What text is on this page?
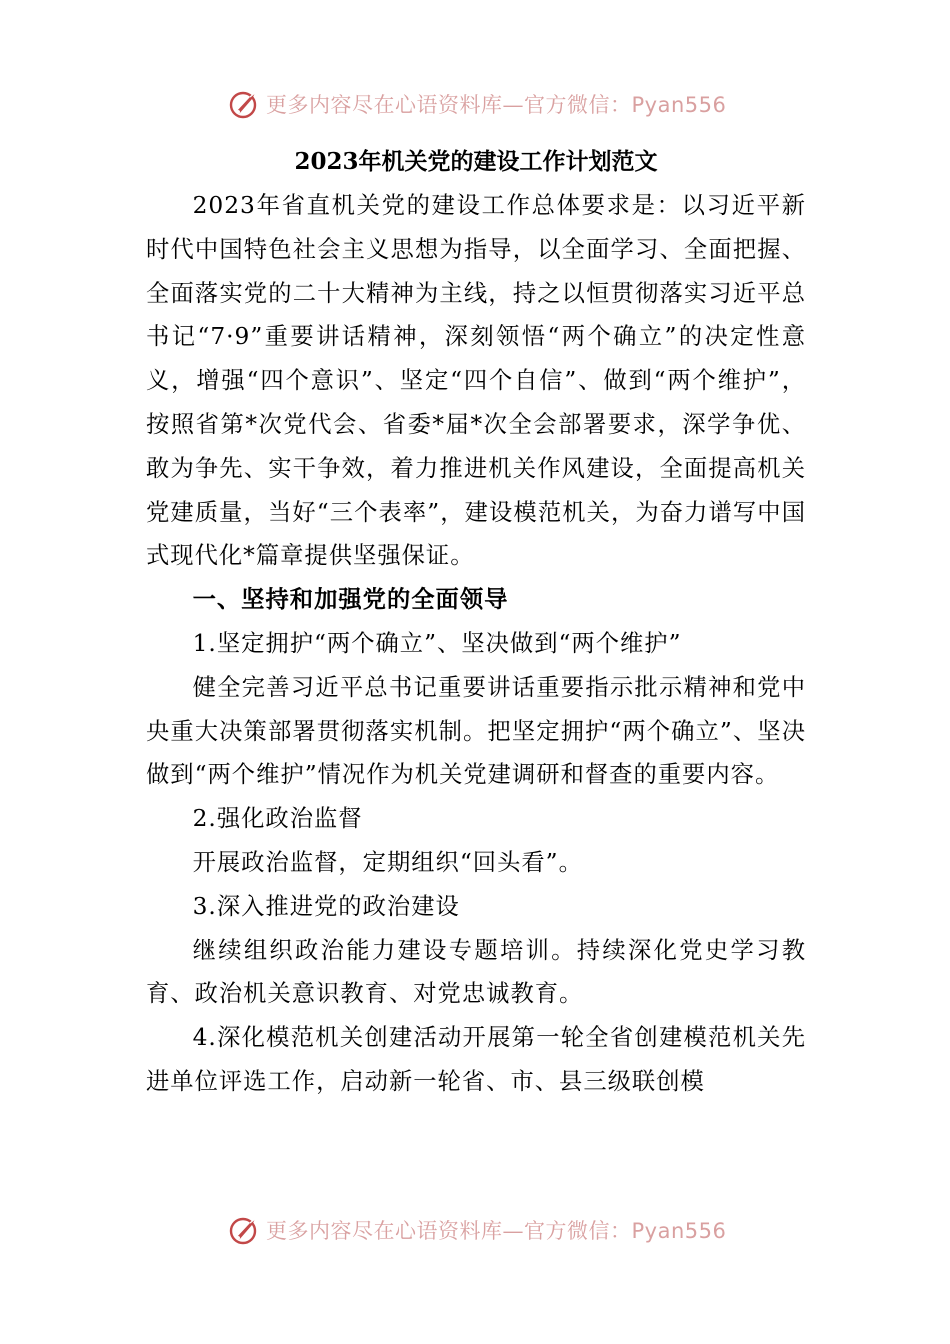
更多内容尽在心语资料库—官方微信：Pyan556

2023年机关党的建设工作计划范文

2023年省直机关党的建设工作总体要求是：以习近平新时代中国特色社会主义思想为指导，以全面学习、全面把握、全面落实党的二十大精神为主线，持之以恒贯彻落实习近平总书记“7·9”重要讲话精神，深刻领悟“两个确立”的决定性意义，增强“四个意识”、坚定“四个自信”、做到“两个维护”，按照省第*次党代会、省委*届*次全会部署要求，深学争优、敢为争先、实干争效，着力推进机关作风建设，全面提高机关党建质量，当好“三个表率”，建设模范机关，为奋力谱写中国式现代化*篇章提供坚强保证。

一、坚持和加强党的全面领导

1.坚定拥护“两个确立”、坚决做到“两个维护”

健全完善习近平总书记重要讲话重要指示批示精神和党中央重大决策部署贯彻落实机制。把坚定拥护“两个确立”、坚决做到“两个维护”情况作为机关党建调研和督查的重要内容。

2.强化政治监督

开展政治监督，定期组织“回头看”。

3.深入推进党的政治建设

继续组织政治能力建设专题培训。持续深化党史学习教育、政治机关意识教育、对党忠诚教育。

4.深化模范机关创建活动开展第一轮全省创建模范机关先进单位评选工作，启动新一轮省、市、县三级联创模

更多内容尽在心语资料库—官方微信：Pyan556
